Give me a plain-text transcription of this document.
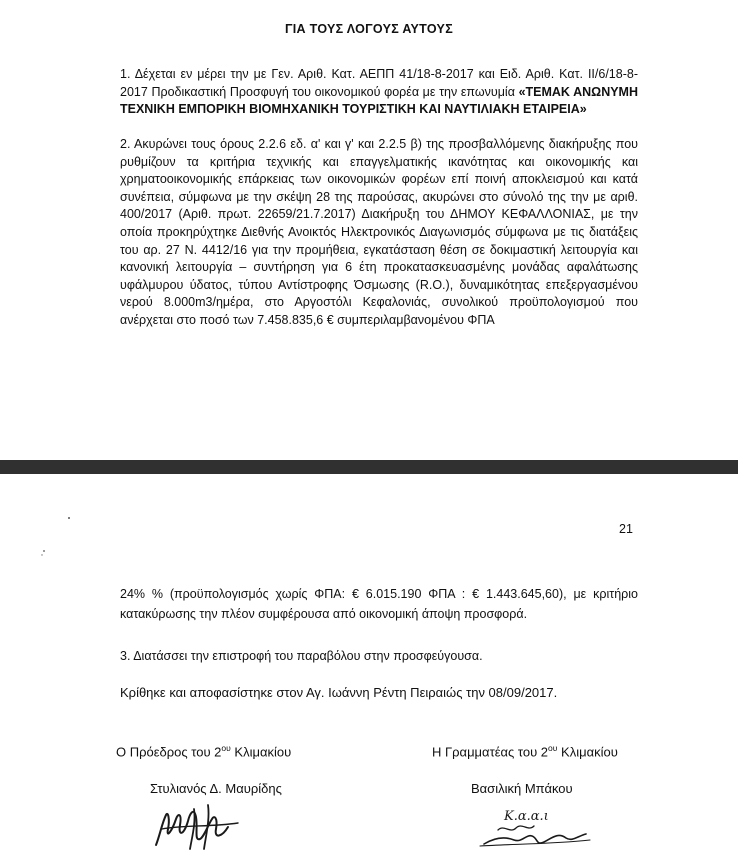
ΓΙΑ ΤΟΥΣ ΛΟΓΟΥΣ ΑΥΤΟΥΣ
1. Δέχεται εν μέρει την με Γεν. Αριθ. Κατ. ΑΕΠΠ 41/18-8-2017 και Ειδ. Αριθ. Κατ. ΙΙ/6/18-8-2017 Προδικαστική Προσφυγή του οικονομικού φορέα με την επωνυμία «ΤΕΜΑΚ ΑΝΩΝΥΜΗ ΤΕΧΝΙΚΗ ΕΜΠΟΡΙΚΗ ΒΙΟΜΗΧΑΝΙΚΗ ΤΟΥΡΙΣΤΙΚΗ ΚΑΙ ΝΑΥΤΙΛΙΑΚΗ ΕΤΑΙΡΕΙΑ»
2. Ακυρώνει τους όρους 2.2.6 εδ. α' και γ' και 2.2.5 β) της προσβαλλόμενης διακήρυξης που ρυθμίζουν τα κριτήρια τεχνικής και επαγγελματικής ικανότητας και οικονομικής και χρηματοοικονομικής επάρκειας των οικονομικών φορέων επί ποινή αποκλεισμού και κατά συνέπεια, σύμφωνα με την σκέψη 28 της παρούσας, ακυρώνει στο σύνολό της την με αριθ. 400/2017 (Αριθ. πρωτ. 22659/21.7.2017) Διακήρυξη του ΔΗΜΟΥ ΚΕΦΑΛΛΟΝΙΑΣ, με την οποία προκηρύχτηκε Διεθνής Ανοικτός Ηλεκτρονικός Διαγωνισμός σύμφωνα με τις διατάξεις του αρ. 27 Ν. 4412/16 για την προμήθεια, εγκατάσταση θέση σε δοκιμαστική λειτουργία και κανονική λειτουργία – συντήρηση για 6 έτη προκατασκευασμένης μονάδας αφαλάτωσης υφάλμυρου ύδατος, τύπου Αντίστροφης Όσμωσης (R.O.), δυναμικότητας επεξεργασμένου νερού 8.000m3/ημέρα, στο Αργοστόλι Κεφαλονιάς, συνολικού προϋπολογισμού που ανέρχεται στο ποσό των 7.458.835,6 € συμπεριλαμβανομένου ΦΠΑ
21
24% % (προϋπολογισμός χωρίς ΦΠΑ: € 6.015.190 ΦΠΑ : € 1.443.645,60), με κριτήριο κατακύρωσης την πλέον συμφέρουσα από οικονομική άποψη προσφορά.
3. Διατάσσει την επιστροφή του παραβόλου στην προσφεύγουσα.
Κρίθηκε και αποφασίστηκε στον Αγ. Ιωάννη Ρέντη Πειραιώς την 08/09/2017.
Ο Πρόεδρος του $2^{o\upsilon}$ Κλιμακίου	Η Γραμματέας του $2^{o\upsilon}$ Κλιμακίου
Στυλιανός Δ. Μαυρίδης	Βασιλική Μπάκου
Κ.α.α.ι
